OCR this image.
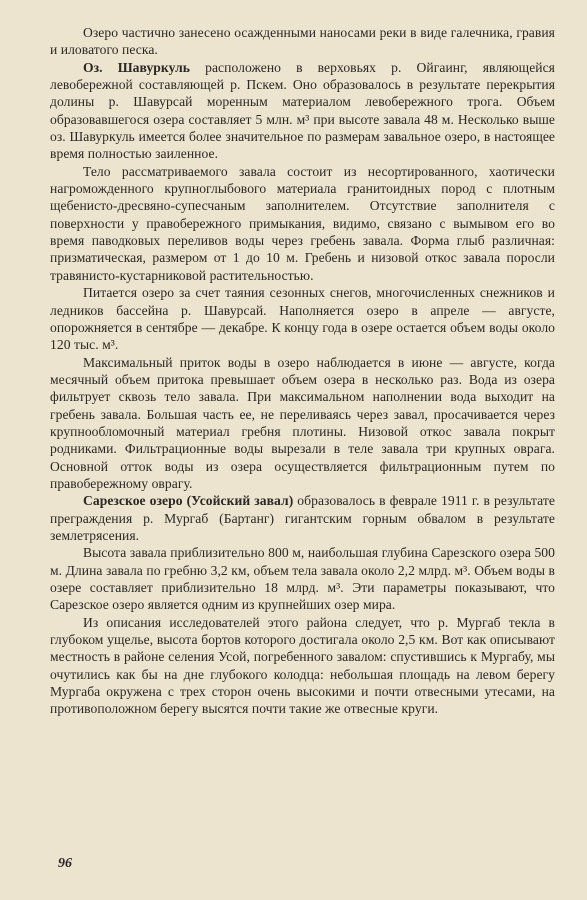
Озеро частично занесено осажденными наносами реки в виде галечника, гравия и иловатого песка.

Оз. Шавуркуль расположено в верховьях р. Ойгаинг, являющейся левобережной составляющей р. Пскем. Оно образовалось в результате перекрытия долины р. Шавурсай моренным материалом левобережного трога. Объем образовавшегося озера составляет 5 млн. м³ при высоте завала 48 м. Несколько выше оз. Шавуркуль имеется более значительное по размерам завальное озеро, в настоящее время полностью заиленное.

Тело рассматриваемого завала состоит из несортированного, хаотически нагроможденного крупноглыбового материала гранитоидных пород с плотным щебенисто-дресвяно-супесчаным заполнителем. Отсутствие заполнителя с поверхности у правобережного примыкания, видимо, связано с вымывом его во время паводковых переливов воды через гребень завала. Форма глыб различная: призматическая, размером от 1 до 10 м. Гребень и низовой откос завала поросли травянисто-кустарниковой растительностью.

Питается озеро за счет таяния сезонных снегов, многочисленных снежников и ледников бассейна р. Шавурсай. Наполняется озеро в апреле — августе, опорожняется в сентябре — декабре. К концу года в озере остается объем воды около 120 тыс. м³.

Максимальный приток воды в озеро наблюдается в июне — августе, когда месячный объем притока превышает объем озера в несколько раз. Вода из озера фильтрует сквозь тело завала. При максимальном наполнении вода выходит на гребень завала. Большая часть ее, не переливаясь через завал, просачивается через крупнообломочный материал гребня плотины. Низовой откос завала покрыт родниками. Фильтрационные воды вырезали в теле завала три крупных оврага. Основной отток воды из озера осуществляется фильтрационным путем по правобережному оврагу.

Сарезское озеро (Усойский завал) образовалось в феврале 1911 г. в результате преграждения р. Мургаб (Бартанг) гигантским горным обвалом в результате землетрясения.

Высота завала приблизительно 800 м, наибольшая глубина Сарезского озера 500 м. Длина завала по гребню 3,2 км, объем тела завала около 2,2 млрд. м³. Объем воды в озере составляет приблизительно 18 млрд. м³. Эти параметры показывают, что Сарезское озеро является одним из крупнейших озер мира.

Из описания исследователей этого района следует, что р. Мургаб текла в глубоком ущелье, высота бортов которого достигала около 2,5 км. Вот как описывают местность в районе селения Усой, погребенного завалом: спустившись к Мургабу, мы очутились как бы на дне глубокого колодца: небольшая площадь на левом берегу Мургаба окружена с трех сторон очень высокими и почти отвесными утесами, на противоположном берегу высятся почти такие же отвесные круги.

96
